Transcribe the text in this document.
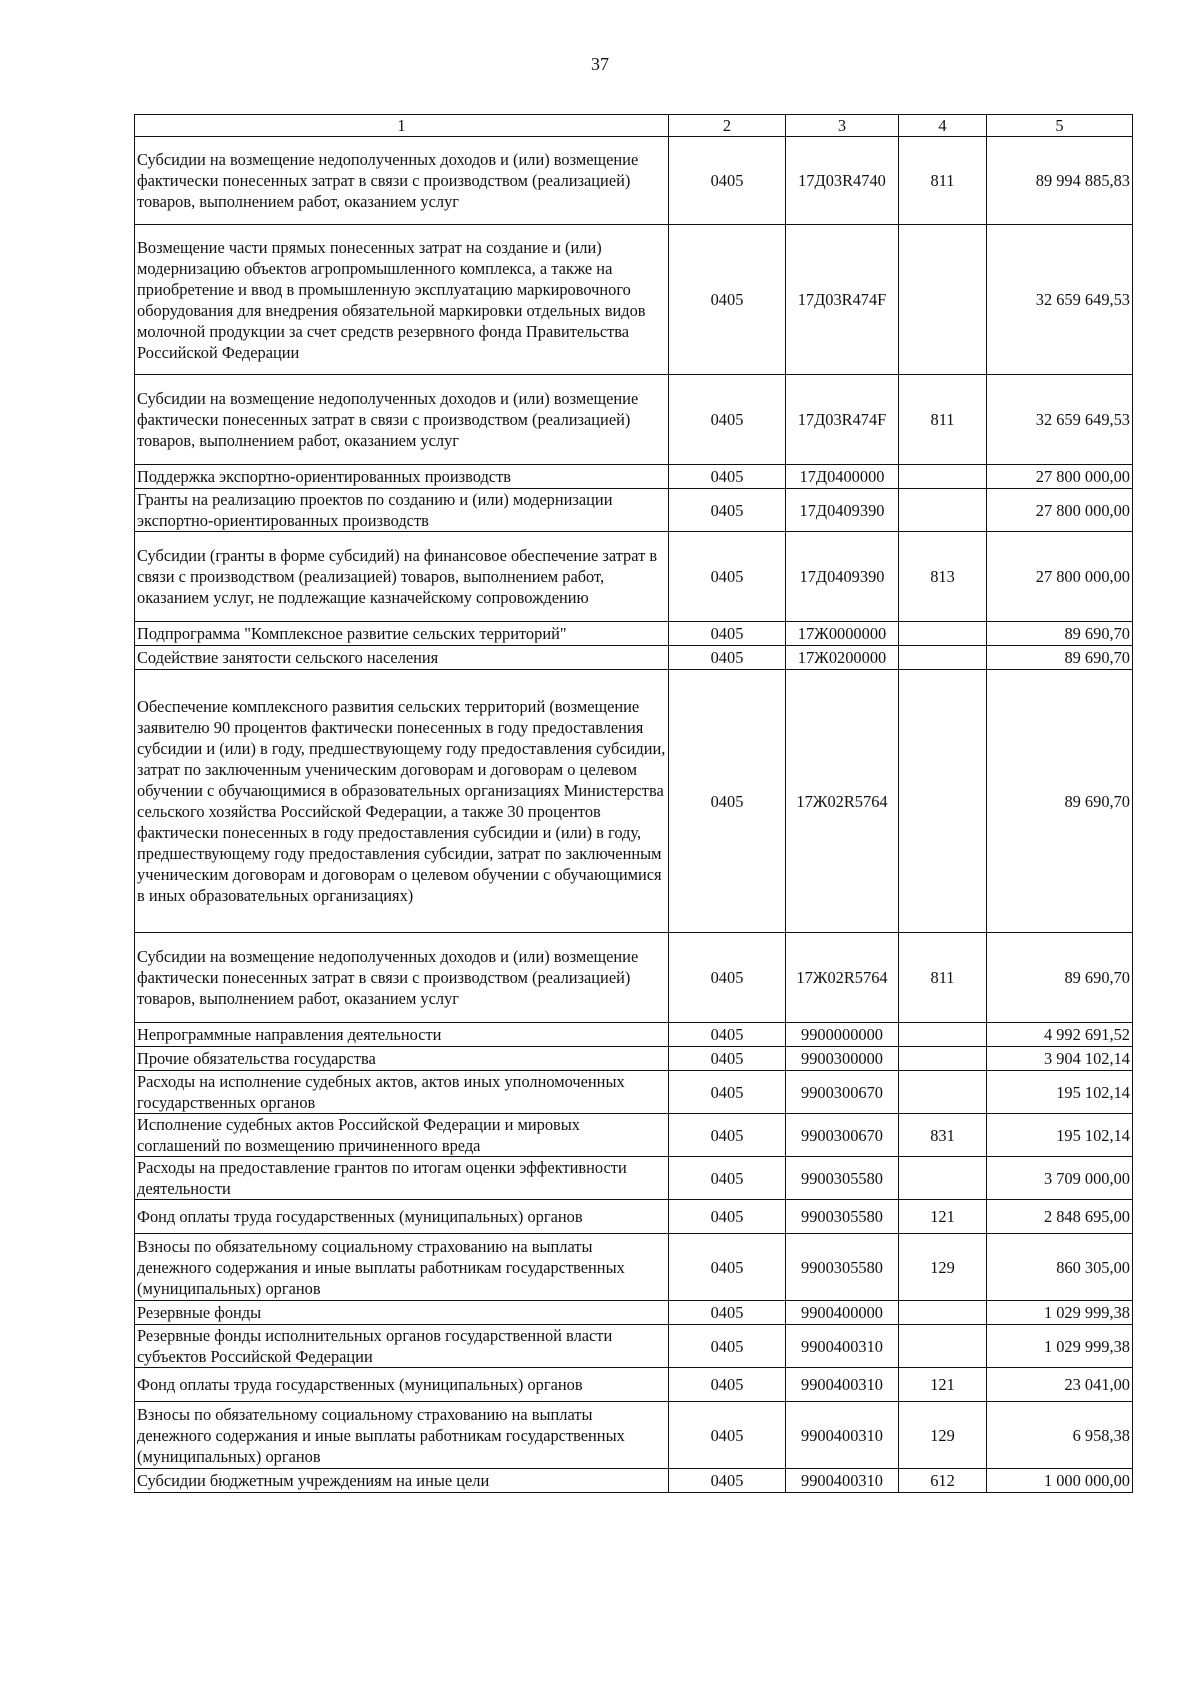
37
1	2	3	4	5
Субсидии на возмещение недополученных доходов и (или) возмещение фактически понесенных затрат в связи с производством (реализацией) товаров, выполнением работ, оказанием услуг	0405	17Д03R4740	811	89 994 885,83
Возмещение части прямых понесенных затрат на создание и (или) модернизацию объектов агропромышленного комплекса, а также на приобретение и ввод в промышленную эксплуатацию маркировочного оборудования для внедрения обязательной маркировки отдельных видов молочной продукции за счет средств резервного фонда Правительства Российской Федерации	0405	17Д03R474F		32 659 649,53
Субсидии на возмещение недополученных доходов и (или) возмещение фактически понесенных затрат в связи с производством (реализацией) товаров, выполнением работ, оказанием услуг	0405	17Д03R474F	811	32 659 649,53
Поддержка экспортно-ориентированных производств	0405	17Д0400000		27 800 000,00
Гранты на реализацию проектов по созданию и (или) модернизации экспортно-ориентированных производств	0405	17Д0409390		27 800 000,00
Субсидии (гранты в форме субсидий) на финансовое обеспечение затрат в связи с производством (реализацией) товаров, выполнением работ, оказанием услуг, не подлежащие казначейскому сопровождению	0405	17Д0409390	813	27 800 000,00
Подпрограмма "Комплексное развитие сельских территорий"	0405	17Ж0000000		89 690,70
Содействие занятости сельского населения	0405	17Ж0200000		89 690,70
Обеспечение комплексного развития сельских территорий (возмещение заявителю 90 процентов фактически понесенных в году предоставления субсидии и (или) в году, предшествующему году предоставления субсидии, затрат по заключенным ученическим договорам и договорам о целевом обучении с обучающимися в образовательных организациях Министерства сельского хозяйства Российской Федерации, а также 30 процентов фактически понесенных в году предоставления субсидии и (или) в году, предшествующему году предоставления субсидии, затрат по заключенным ученическим договорам и договорам о целевом обучении с обучающимися в иных образовательных организациях)	0405	17Ж02R5764		89 690,70
Субсидии на возмещение недополученных доходов и (или) возмещение фактически понесенных затрат в связи с производством (реализацией) товаров, выполнением работ, оказанием услуг	0405	17Ж02R5764	811	89 690,70
Непрограммные направления деятельности	0405	9900000000		4 992 691,52
Прочие обязательства государства	0405	9900300000		3 904 102,14
Расходы на исполнение судебных актов, актов иных уполномоченных государственных органов	0405	9900300670		195 102,14
Исполнение судебных актов Российской Федерации и мировых соглашений по возмещению причиненного вреда	0405	9900300670	831	195 102,14
Расходы на предоставление грантов по итогам оценки эффективности деятельности	0405	9900305580		3 709 000,00
Фонд оплаты труда государственных (муниципальных) органов	0405	9900305580	121	2 848 695,00
Взносы по обязательному социальному страхованию на выплаты денежного содержания и иные выплаты работникам государственных (муниципальных) органов	0405	9900305580	129	860 305,00
Резервные фонды	0405	9900400000		1 029 999,38
Резервные фонды исполнительных органов государственной власти субъектов Российской Федерации	0405	9900400310		1 029 999,38
Фонд оплаты труда государственных (муниципальных) органов	0405	9900400310	121	23 041,00
Взносы по обязательному социальному страхованию на выплаты денежного содержания и иные выплаты работникам государственных (муниципальных) органов	0405	9900400310	129	6 958,38
Субсидии бюджетным учреждениям на иные цели	0405	9900400310	612	1 000 000,00
